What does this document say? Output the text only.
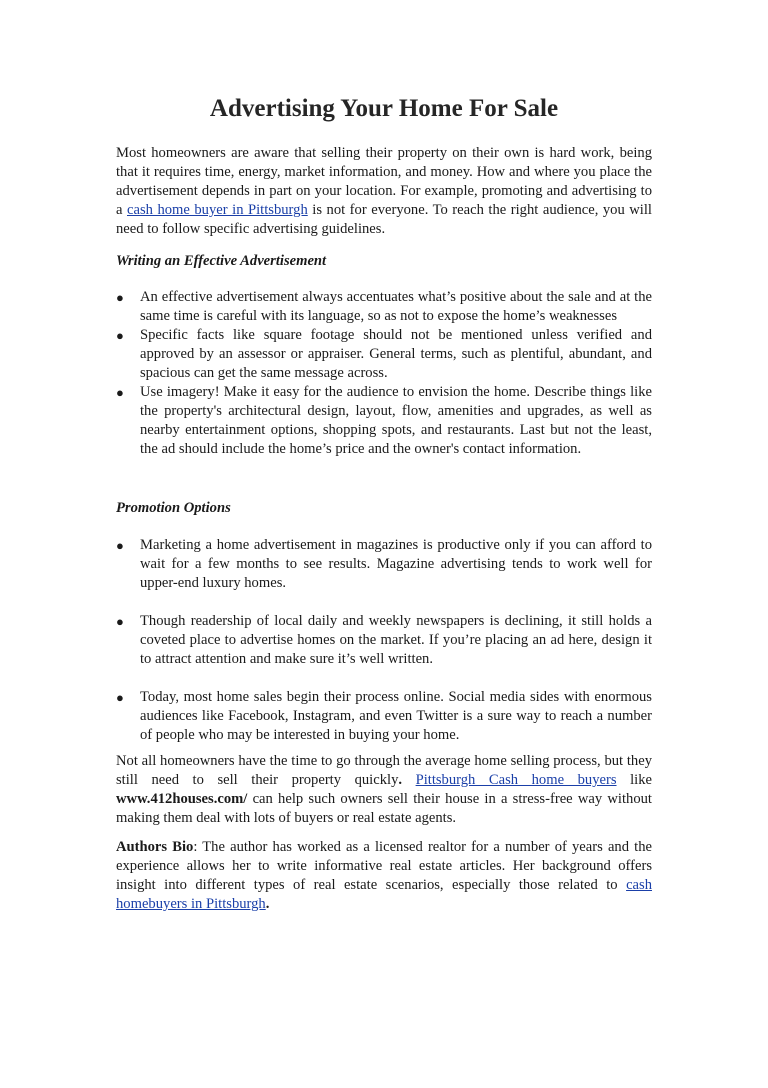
Advertising Your Home For Sale

Most homeowners are aware that selling their property on their own is hard work, being that it requires time, energy, market information, and money. How and where you place the advertisement depends in part on your location. For example, promoting and advertising to a cash home buyer in Pittsburgh is not for everyone. To reach the right audience, you will need to follow specific advertising guidelines.

Writing an Effective Advertisement
● An effective advertisement always accentuates what’s positive about the sale and at the same time is careful with its language, so as not to expose the home’s weaknesses
● Specific facts like square footage should not be mentioned unless verified and approved by an assessor or appraiser. General terms, such as plentiful, abundant, and spacious can get the same message across.
● Use imagery! Make it easy for the audience to envision the home. Describe things like the property's architectural design, layout, flow, amenities and upgrades, as well as nearby entertainment options, shopping spots, and restaurants. Last but not the least, the ad should include the home’s price and the owner's contact information.
Promotion Options
● Marketing a home advertisement in magazines is productive only if you can afford to wait for a few months to see results. Magazine advertising tends to work well for upper-end luxury homes.
● Though readership of local daily and weekly newspapers is declining, it still holds a coveted place to advertise homes on the market. If you’re placing an ad here, design it to attract attention and make sure it’s well written.
● Today, most home sales begin their process online. Social media sides with enormous audiences like Facebook, Instagram, and even Twitter is a sure way to reach a number of people who may be interested in buying your home.

Not all homeowners have the time to go through the average home selling process, but they still need to sell their property quickly. Pittsburgh Cash home buyers like www.412houses.com/ can help such owners sell their house in a stress-free way without making them deal with lots of buyers or real estate agents.

Authors Bio: The author has worked as a licensed realtor for a number of years and the experience allows her to write informative real estate articles. Her background offers insight into different types of real estate scenarios, especially those related to cash homebuyers in Pittsburgh.
